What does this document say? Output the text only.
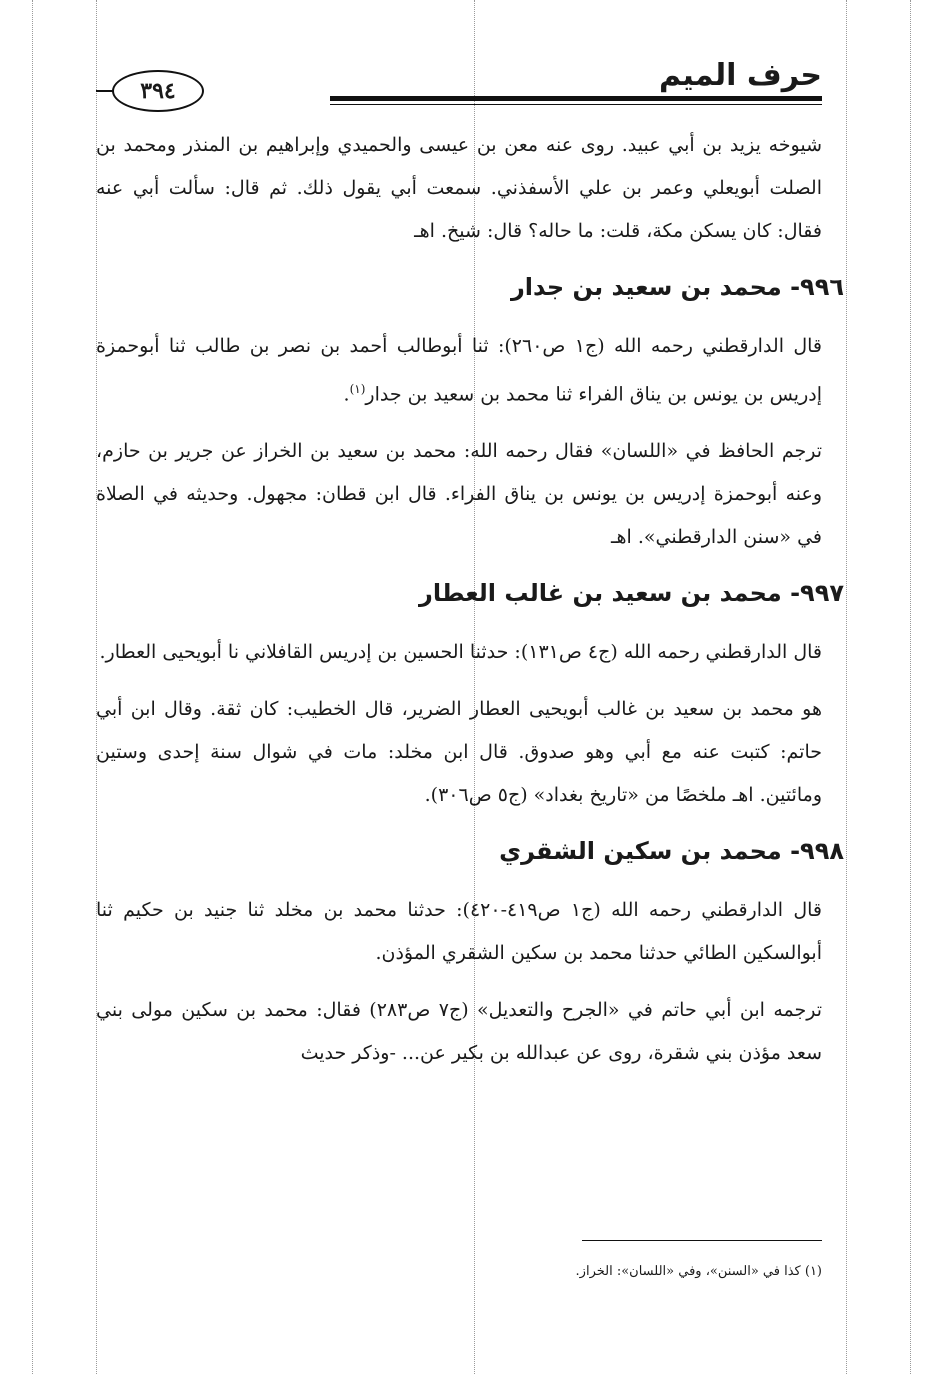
حرف الميم
٣٩٤

شيوخه يزيد بن أبي عبيد. روى عنه معن بن عيسى والحميدي وإبراهيم بن المنذر ومحمد بن الصلت أبويعلي وعمر بن علي الأسفذني. سمعت أبي يقول ذلك. ثم قال: سألت أبي عنه فقال: كان يسكن مكة، قلت: ما حاله؟ قال: شيخ. اهـ

٩٩٦- محمد بن سعيد بن جدار

قال الدارقطني رحمه الله (ج١ ص٢٦٠): ثنا أبوطالب أحمد بن نصر بن طالب ثنا أبوحمزة إدريس بن يونس بن يناق الفراء ثنا محمد بن سعيد بن جدار$^{(١)}$.

ترجم الحافظ في «اللسان» فقال رحمه الله: محمد بن سعيد بن الخراز عن جرير بن حازم، وعنه أبوحمزة إدريس بن يونس بن يناق الفراء. قال ابن قطان: مجهول. وحديثه في الصلاة في «سنن الدارقطني». اهـ

٩٩٧- محمد بن سعيد بن غالب العطار

قال الدارقطني رحمه الله (ج٤ ص١٣١): حدثنا الحسين بن إدريس القافلاني نا أبويحيى العطار.

هو محمد بن سعيد بن غالب أبويحيى العطار الضرير، قال الخطيب: كان ثقة. وقال ابن أبي حاتم: كتبت عنه مع أبي وهو صدوق. قال ابن مخلد: مات في شوال سنة إحدى وستين ومائتين. اهـ ملخصًا من «تاريخ بغداد» (ج٥ ص٣٠٦).

٩٩٨- محمد بن سكين الشقري

قال الدارقطني رحمه الله (ج١ ص٤١٩-٤٢٠): حدثنا محمد بن مخلد ثنا جنيد بن حكيم ثنا أبوالسكين الطائي حدثنا محمد بن سكين الشقري المؤذن.

ترجمه ابن أبي حاتم في «الجرح والتعديل» (ج٧ ص٢٨٣) فقال: محمد بن سكين مولى بني سعد مؤذن بني شقرة، روى عن عبدالله بن بكير عن... -وذكر حديث

(١) كذا في «السنن»، وفي «اللسان»: الخراز.
